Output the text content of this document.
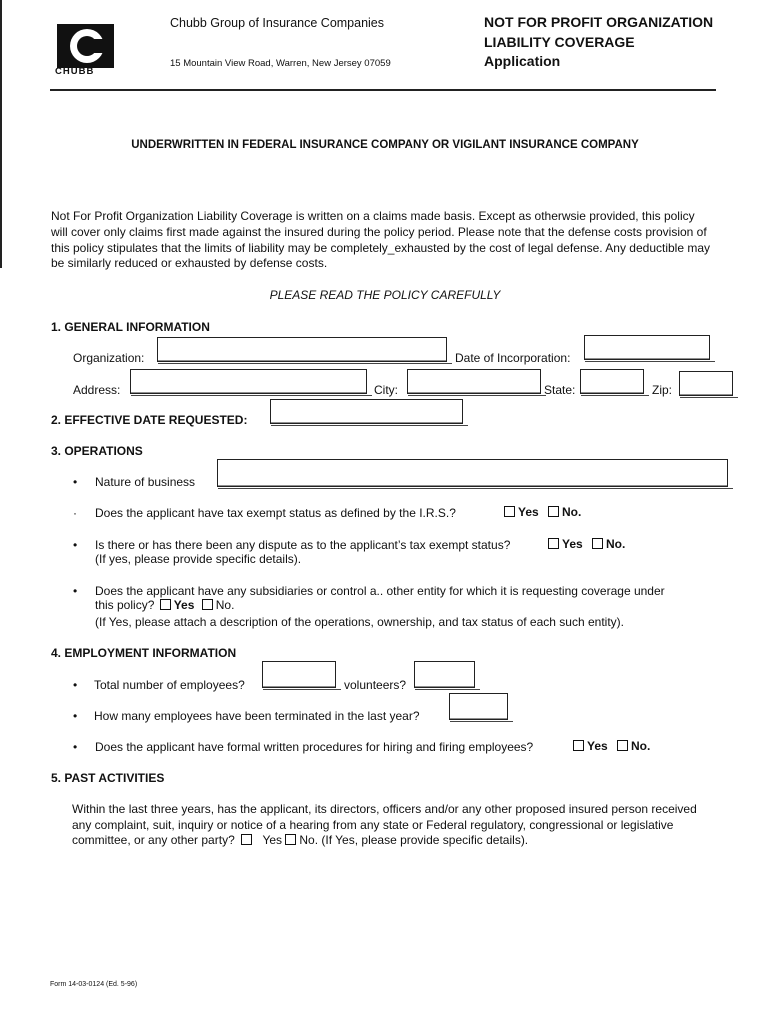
CHUBB
Chubb Group of Insurance Companies
15 Mountain View Road, Warren, New Jersey 07059
NOT FOR PROFIT ORGANIZATION
LIABILITY COVERAGE
Application
UNDERWRITTEN IN FEDERAL INSURANCE COMPANY OR VIGILANT INSURANCE COMPANY
Not For Profit Organization Liability Coverage is written on a claims made basis. Except as otherwsie provided, this policy
will cover only claims first made against the insured during the policy period. Please note that the defense costs provision of
this policy stipulates that the limits of liability may be completely_exhausted by the cost of legal defense. Any deductible may
be similarly reduced or exhausted by defense costs.
PLEASE READ THE POLICY CAREFULLY
1. GENERAL INFORMATION
Organization:	Date of Incorporation:
Address:	City:	State:	Zip:
2. EFFECTIVE DATE REQUESTED:
3. OPERATIONS
• Nature of business
· Does the applicant have tax exempt status as defined by the I.R.S.?	Yes	No.
• Is there or has there been any dispute as to the applicant’s tax exempt status?	Yes	No.
(If yes, please provide specific details).
• Does the applicant have any subsidiaries or control a.. other entity for which it is requesting coverage under
this policy? Yes No.
(If Yes, please attach a description of the operations, ownership, and tax status of each such entity).
4. EMPLOYMENT INFORMATION
• Total number of employees?	volunteers?
• How many employees have been terminated in the last year?
• Does the applicant have formal written procedures for hiring and firing employees?	Yes	No.
5. PAST ACTIVITIES
Within the last three years, has the applicant, its directors, officers and/or any other proposed insured person received
any complaint, suit, inquiry or notice of a hearing from any state or Federal regulatory, congressional or legislative
committee, or any other party? Yes No. (If Yes, please provide specific details).
Form 14-03-0124 (Ed. 5-96)
